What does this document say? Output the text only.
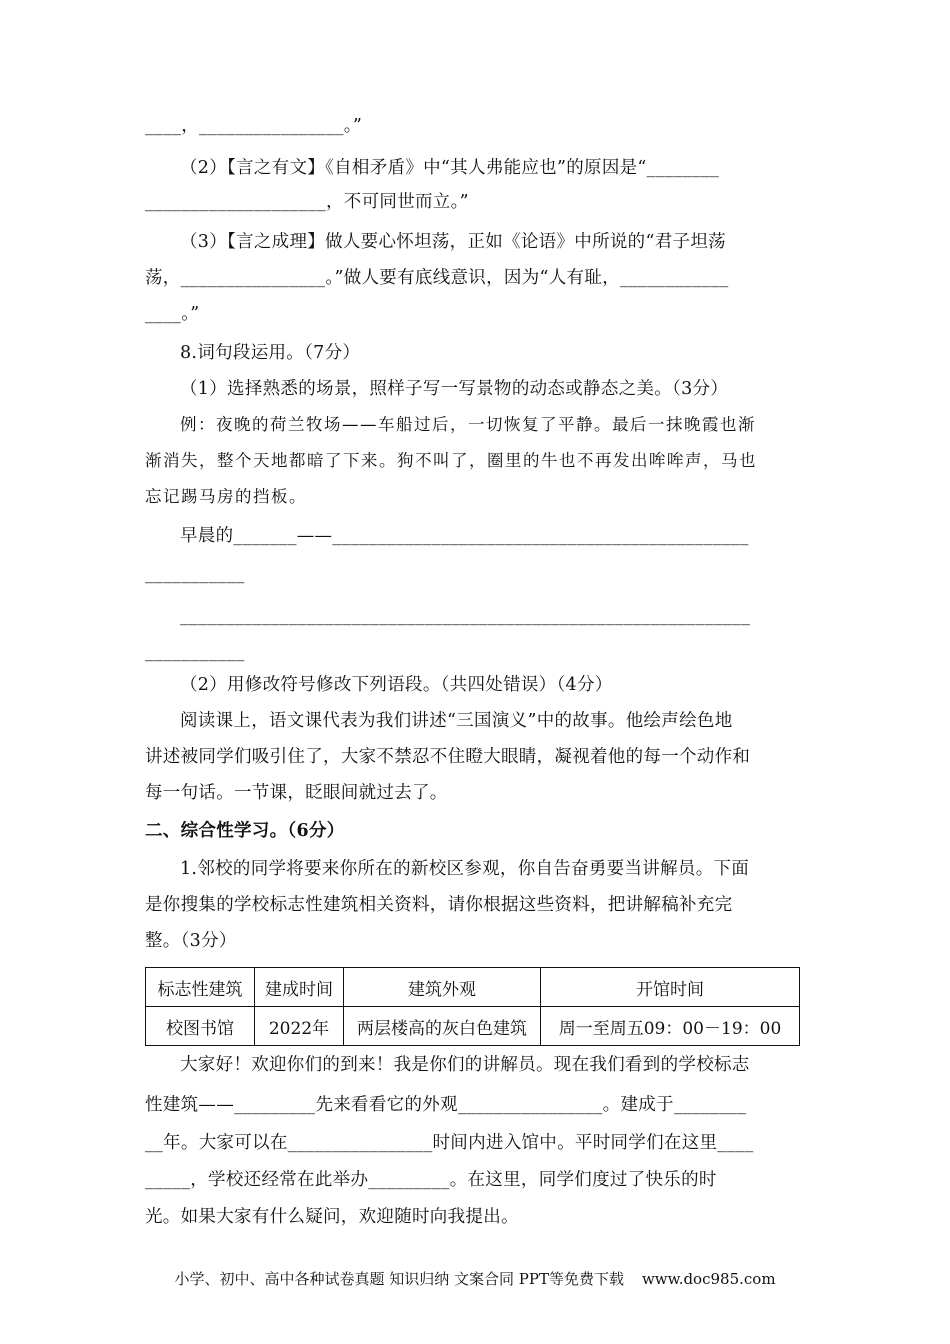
____，________________。”
（2）【言之有文】《自相矛盾》中“其人弗能应也”的原因是“________
____________________，不可同世而立。”
（3）【言之成理】做人要心怀坦荡，正如《论语》中所说的“君子坦荡
荡，________________。”做人要有底线意识，因为“人有耻，____________
____。”
8.词句段运用。（7分）
（1）选择熟悉的场景，照样子写一写景物的动态或静态之美。（3分）
例：夜晚的荷兰牧场——车船过后，一切恢复了平静。最后一抹晚霞也渐
渐消失，整个天地都暗了下来。狗不叫了，圈里的牛也不再发出哞哞声，马也
忘记踢马房的挡板。
早晨的_______——______________________________________________
___________
_______________________________________________________________
___________
（2）用修改符号修改下列语段。（共四处错误）（4分）
阅读课上，语文课代表为我们讲述“三国演义”中的故事。他绘声绘色地
讲述被同学们吸引住了，大家不禁忍不住瞪大眼睛，凝视着他的每一个动作和
每一句话。一节课，眨眼间就过去了。
二、综合性学习。（6分）
1.邻校的同学将要来你所在的新校区参观，你自告奋勇要当讲解员。下面
是你搜集的学校标志性建筑相关资料，请你根据这些资料，把讲解稿补充完
整。（3分）
标志性建筑	建成时间	建筑外观	开馆时间
校图书馆	2022年	两层楼高的灰白色建筑	周一至周五09：00－19：00
大家好！欢迎你们的到来！我是你们的讲解员。现在我们看到的学校标志
性建筑——_________先来看看它的外观________________。建成于________
__年。大家可以在________________时间内进入馆中。平时同学们在这里____
_____，学校还经常在此举办_________。在这里，同学们度过了快乐的时
光。如果大家有什么疑问，欢迎随时向我提出。
小学、初中、高中各种试卷真题 知识归纳 文案合同 PPT等免费下载 www.doc985.com
